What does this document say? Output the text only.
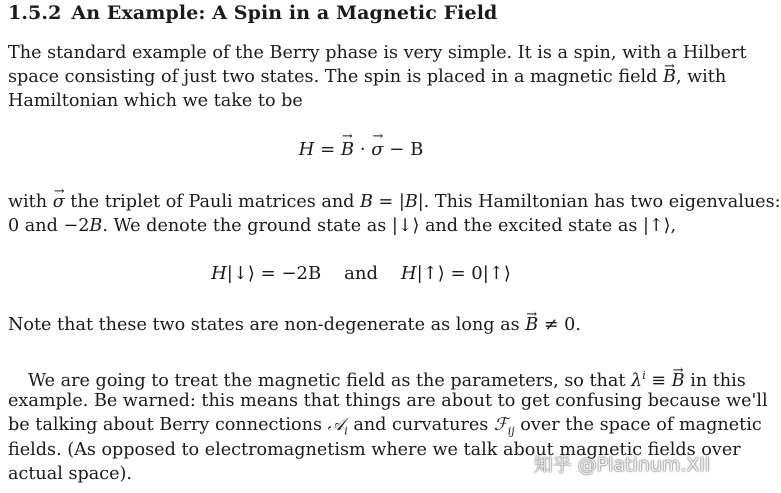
1.5.2 An Example: A Spin in a Magnetic Field
The standard example of the Berry phase is very simple. It is a spin, with a Hilbert
space consisting of just two states. The spin is placed in a magnetic field → B, with
Hamiltonian which we take to be
H = → B · → σ − B
with → σ the triplet of Pauli matrices and B = |B|. This Hamiltonian has two eigenvalues:
0 and −2B. We denote the ground state as |↓⟩ and the excited state as |↑⟩,
H|↓⟩ = −2B and H|↑⟩ = 0|↑⟩
Note that these two states are non-degenerate as long as → B ≠ 0.
We are going to treat the magnetic field as the parameters, so that $\lambda^i$ ≡ → B in this
example. Be warned: this means that things are about to get confusing because we'll
be talking about Berry connections 𝒜$_i$ and curvatures ℱ$_{ij}$ over the space of magnetic
fields. (As opposed to electromagnetism where we talk about magnetic fields over
actual space).	知乎 @Platinum.Xll
